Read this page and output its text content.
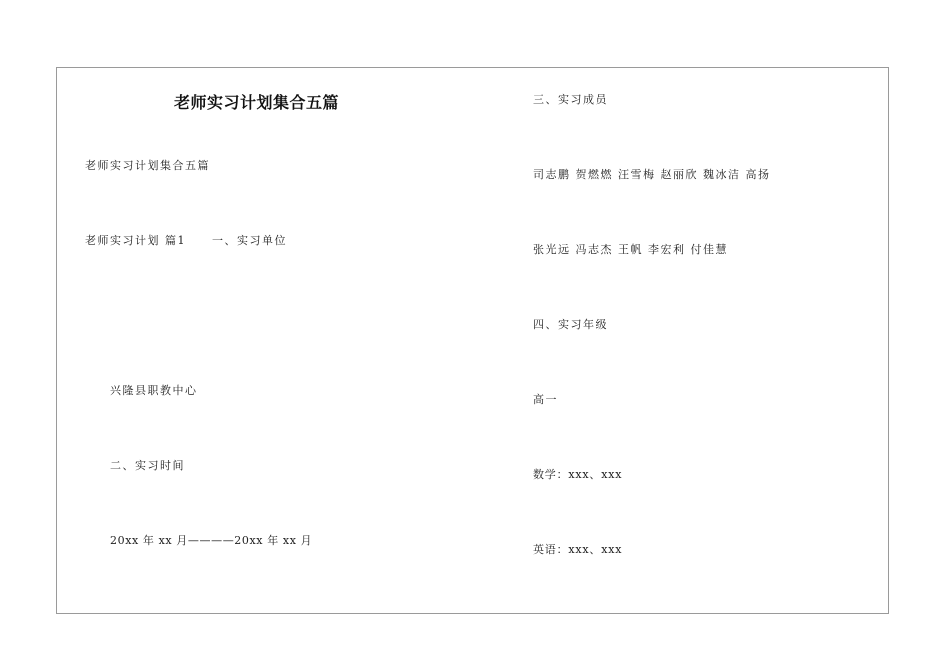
老师实习计划集合五篇
老师实习计划集合五篇
老师实习计划 篇1 一、实习单位
兴隆县职教中心
二、实习时间
20xx 年 xx 月————20xx 年 xx 月
三、实习成员
司志鹏 贺燃燃 汪雪梅 赵丽欣 魏冰洁 高扬
张光远 冯志杰 王帆 李宏利 付佳慧
四、实习年级
高一
数学：xxx、xxx
英语：xxx、xxx
